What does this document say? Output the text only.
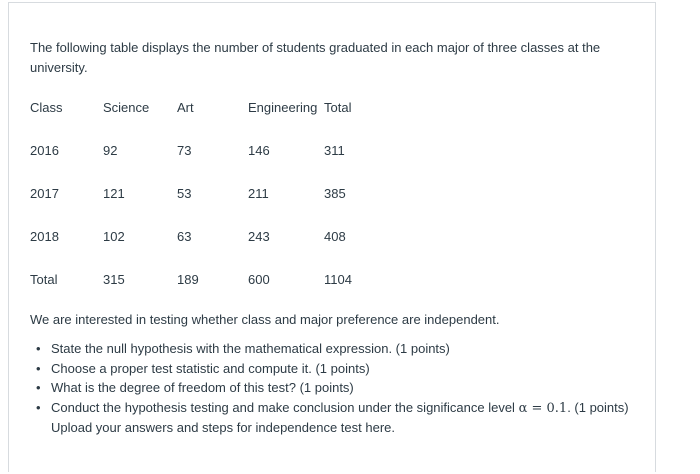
The following table displays the number of students graduated in each major of three classes at the university.
Class	Science	Art	Engineering	Total
2016	92	73	146	311
2017	121	53	211	385
2018	102	63	243	408
Total	315	189	600	1104
We are interested in testing whether class and major preference are independent.
• State the null hypothesis with the mathematical expression. (1 points)
• Choose a proper test statistic and compute it. (1 points)
• What is the degree of freedom of this test? (1 points)
• Conduct the hypothesis testing and make conclusion under the significance level α = 0.1. (1 points)
Upload your answers and steps for independence test here.
